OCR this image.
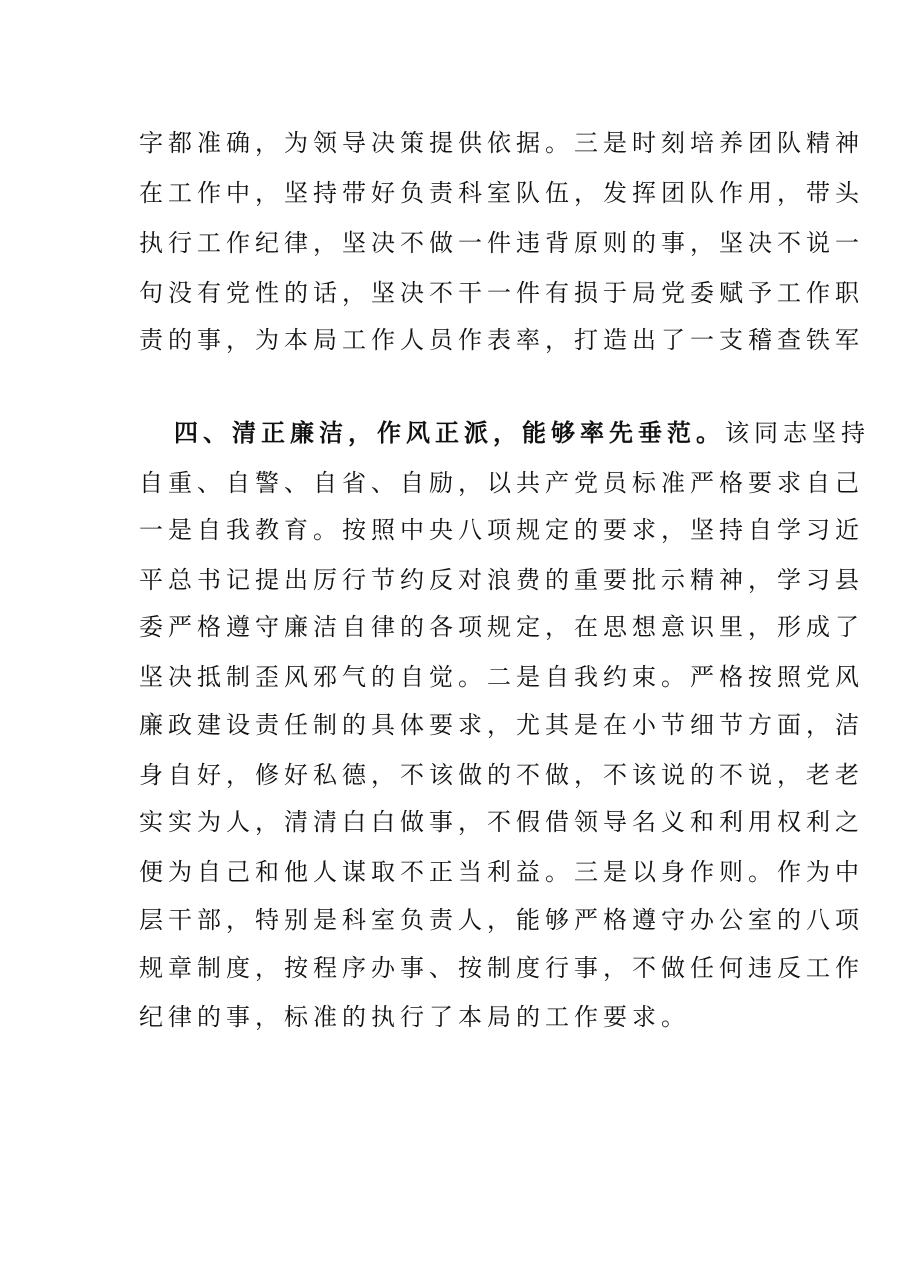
字都准确，为领导决策提供依据。三是时刻培养团队精神
在工作中，坚持带好负责科室队伍，发挥团队作用，带头
执行工作纪律，坚决不做一件违背原则的事，坚决不说一
句没有党性的话，坚决不干一件有损于局党委赋予工作职
责的事，为本局工作人员作表率，打造出了一支稽查铁军
四、清正廉洁，作风正派，能够率先垂范。该同志坚持
自重、自警、自省、自励，以共产党员标准严格要求自己
一是自我教育。按照中央八项规定的要求，坚持自学习近
平总书记提出厉行节约反对浪费的重要批示精神，学习县
委严格遵守廉洁自律的各项规定，在思想意识里，形成了
坚决抵制歪风邪气的自觉。二是自我约束。严格按照党风
廉政建设责任制的具体要求，尤其是在小节细节方面，洁
身自好，修好私德，不该做的不做，不该说的不说，老老
实实为人，清清白白做事，不假借领导名义和利用权利之
便为自己和他人谋取不正当利益。三是以身作则。作为中
层干部，特别是科室负责人，能够严格遵守办公室的八项
规章制度，按程序办事、按制度行事，不做任何违反工作
纪律的事，标准的执行了本局的工作要求。
